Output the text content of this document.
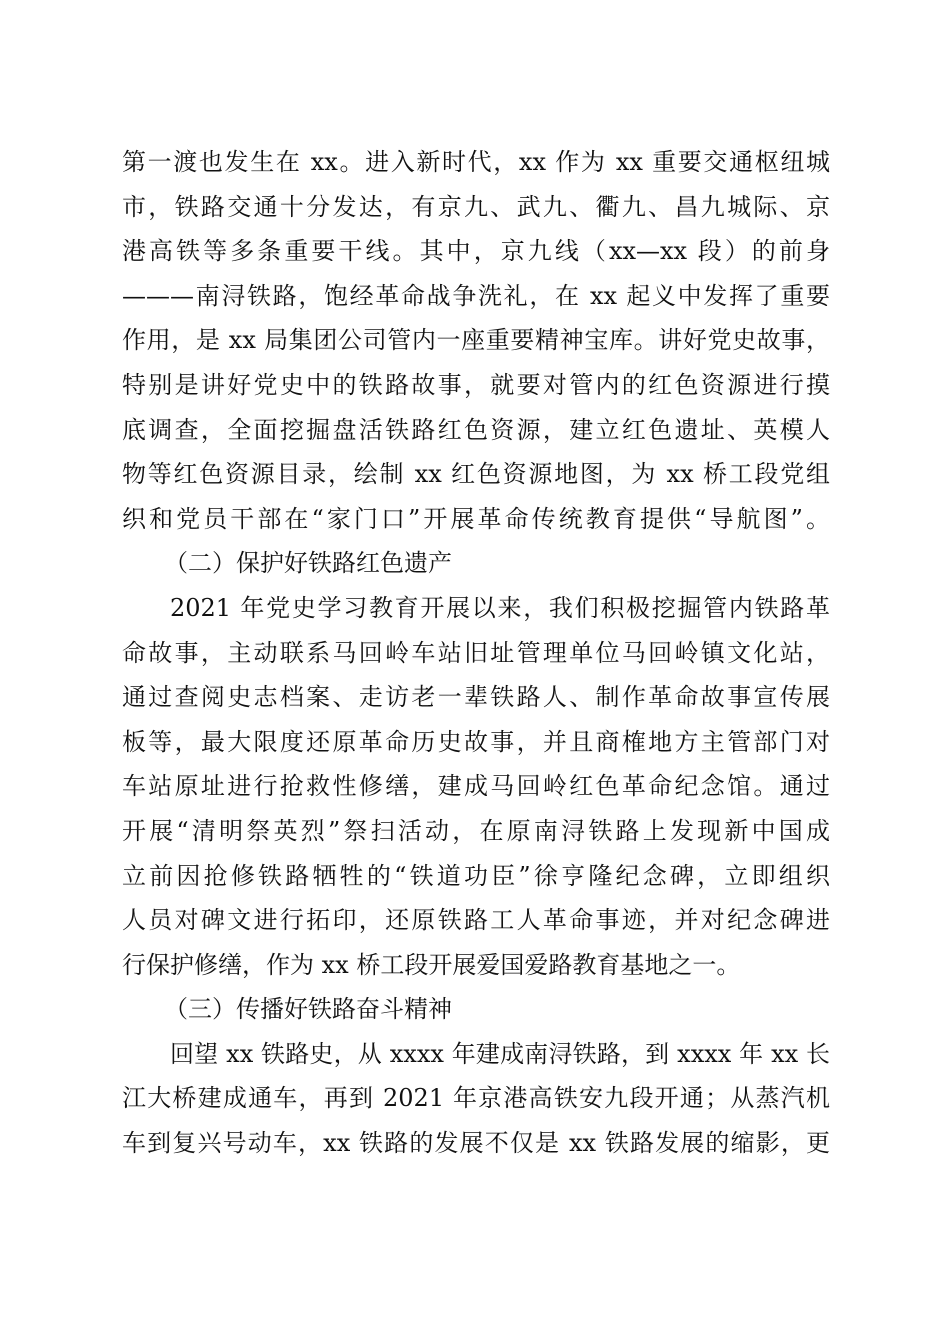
第一渡也发生在 xx。进入新时代，xx 作为 xx 重要交通枢纽城
市，铁路交通十分发达，有京九、武九、衢九、昌九城际、京
港高铁等多条重要干线。其中，京九线（xx—xx 段）的前身
———南浔铁路，饱经革命战争洗礼，在 xx 起义中发挥了重要
作用，是 xx 局集团公司管内一座重要精神宝库。讲好党史故事，
特别是讲好党史中的铁路故事，就要对管内的红色资源进行摸
底调查，全面挖掘盘活铁路红色资源，建立红色遗址、英模人
物等红色资源目录，绘制 xx 红色资源地图，为 xx 桥工段党组
织和党员干部在“家门口”开展革命传统教育提供“导航图”。
（二）保护好铁路红色遗产
2021 年党史学习教育开展以来，我们积极挖掘管内铁路革
命故事，主动联系马回岭车站旧址管理单位马回岭镇文化站，
通过查阅史志档案、走访老一辈铁路人、制作革命故事宣传展
板等，最大限度还原革命历史故事，并且商榷地方主管部门对
车站原址进行抢救性修缮，建成马回岭红色革命纪念馆。通过
开展“清明祭英烈”祭扫活动，在原南浔铁路上发现新中国成
立前因抢修铁路牺牲的“铁道功臣”徐亨隆纪念碑，立即组织
人员对碑文进行拓印，还原铁路工人革命事迹，并对纪念碑进
行保护修缮，作为 xx 桥工段开展爱国爱路教育基地之一。
（三）传播好铁路奋斗精神
回望 xx 铁路史，从 xxxx 年建成南浔铁路，到 xxxx 年 xx 长
江大桥建成通车，再到 2021 年京港高铁安九段开通；从蒸汽机
车到复兴号动车，xx 铁路的发展不仅是 xx 铁路发展的缩影，更
